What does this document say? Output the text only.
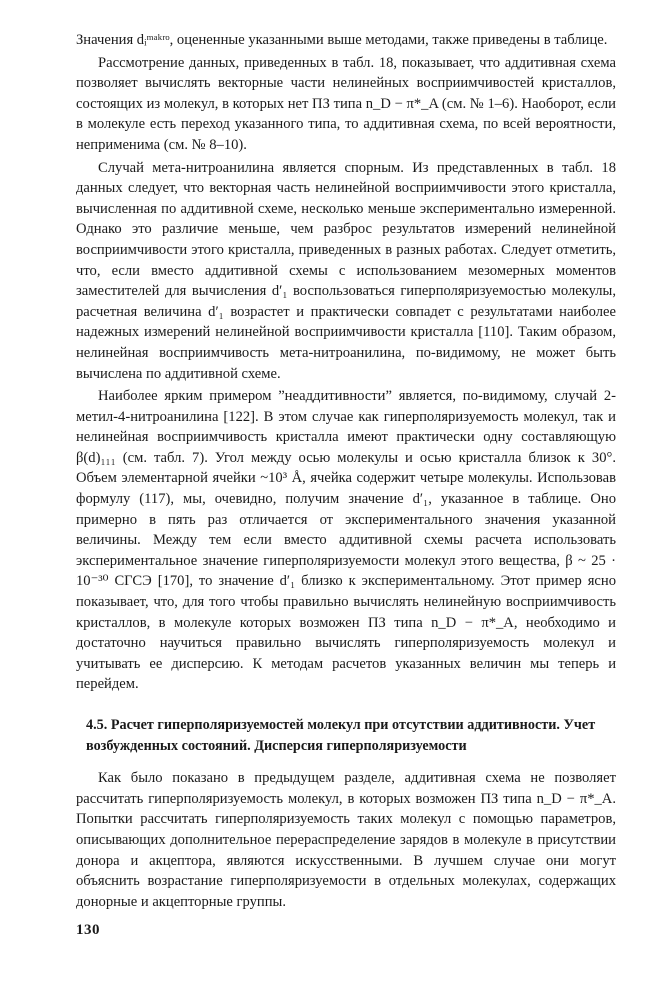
Значения dᵢᵐᵃᵏʳᵒ, оцененные указанными выше методами, также приведены в таблице.

Рассмотрение данных, приведенных в табл. 18, показывает, что аддитивная схема позволяет вычислять векторные части нелинейных восприимчивостей кристаллов, состоящих из молекул, в которых нет ПЗ типа n_D − π*_A (см. № 1–6). Наоборот, если в молекуле есть переход указанного типа, то аддитивная схема, по всей вероятности, неприменима (см. № 8–10).

Случай мета-нитроанилина является спорным. Из представленных в табл. 18 данных следует, что векторная часть нелинейной восприимчивости этого кристалла, вычисленная по аддитивной схеме, несколько меньше экспериментально измеренной. Однако это различие меньше, чем разброс результатов измерений нелинейной восприимчивости этого кристалла, приведенных в разных работах. Следует отметить, что, если вместо аддитивной схемы с использованием мезомерных моментов заместителей для вычисления d′₁ воспользоваться гиперполяризуемостью молекулы, расчетная величина d′₁ возрастет и практически совпадет с результатами наиболее надежных измерений нелинейной восприимчивости кристалла [110]. Таким образом, нелинейная восприимчивость мета-нитроанилина, по-видимому, не может быть вычислена по аддитивной схеме.

Наиболее ярким примером ”неаддитивности” является, по-видимому, случай 2-метил-4-нитроанилина [122]. В этом случае как гиперполяризуемость молекул, так и нелинейная восприимчивость кристалла имеют практически одну составляющую β(d)₁₁₁ (см. табл. 7). Угол между осью молекулы и осью кристалла близок к 30°. Объем элементарной ячейки ~10³ Å, ячейка содержит четыре молекулы. Использовав формулу (117), мы, очевидно, получим значение d′₁, указанное в таблице. Оно примерно в пять раз отличается от экспериментального значения указанной величины. Между тем если вместо аддитивной схемы расчета использовать экспериментальное значение гиперполяризуемости молекул этого вещества, β ~ 25 · 10⁻³⁰ СГСЭ [170], то значение d′₁ близко к экспериментальному. Этот пример ясно показывает, что, для того чтобы правильно вычислять нелинейную восприимчивость кристаллов, в молекуле которых возможен ПЗ типа n_D − π*_A, необходимо и достаточно научиться правильно вычислять гиперполяризуемость молекул и учитывать ее дисперсию. К методам расчетов указанных величин мы теперь и перейдем.

4.5. Расчет гиперполяризуемостей молекул при отсутствии аддитивности. Учет возбужденных состояний. Дисперсия гиперполяризуемости

Как было показано в предыдущем разделе, аддитивная схема не позволяет рассчитать гиперполяризуемость молекул, в которых возможен ПЗ типа n_D − π*_A. Попытки рассчитать гиперполяризуемость таких молекул с помощью параметров, описывающих дополнительное перераспределение зарядов в молекуле в присутствии донора и акцептора, являются искусственными. В лучшем случае они могут объяснить возрастание гиперполяризуемости в отдельных молекулах, содержащих донорные и акцепторные группы.

130
